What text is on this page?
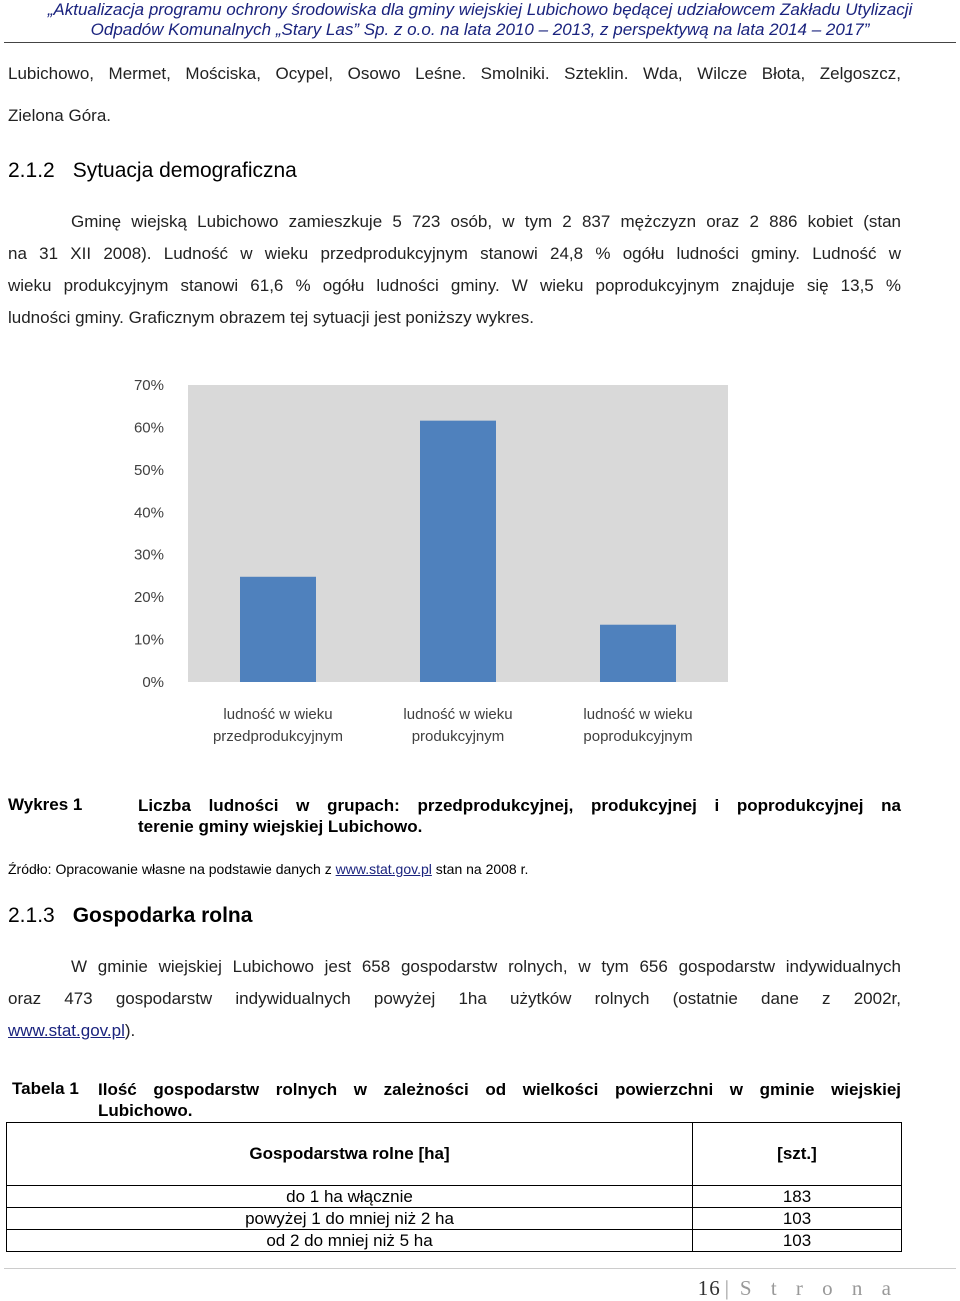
„Aktualizacja programu ochrony środowiska dla gminy wiejskiej Lubichowo będącej udziałowcem Zakładu Utylizacji
Odpadów Komunalnych „Stary Las” Sp. z o.o. na lata 2010 – 2013, z perspektywą na lata 2014 – 2017”
Lubichowo, Mermet, Mościska, Ocypel, Osowo Leśne. Smolniki. Szteklin. Wda, Wilcze Błota, Zelgoszcz,
Zielona Góra.
2.1.2 Sytuacja demograficzna
Gminę wiejską Lubichowo zamieszkuje 5 723 osób, w tym 2 837 mężczyzn oraz 2 886 kobiet (stan
na 31 XII 2008). Ludność w wieku przedprodukcyjnym stanowi 24,8 % ogółu ludności gminy. Ludność w
wieku produkcyjnym stanowi 61,6 % ogółu ludności gminy. W wieku poprodukcyjnym znajduje się 13,5 %
ludności gminy. Graficznym obrazem tej sytuacji jest poniższy wykres.
0%
10%
20%
30%
40%
50%
60%
70%
ludność w wieku
przedprodukcyjnym
ludność w wieku
produkcyjnym
ludność w wieku
poprodukcyjnym
Wykres 1	Liczba ludności w grupach: przedprodukcyjnej, produkcyjnej i poprodukcyjnej na
terenie gminy wiejskiej Lubichowo.
Źródło: Opracowanie własne na podstawie danych z www.stat.gov.pl stan na 2008 r.
2.1.3 Gospodarka rolna
W gminie wiejskiej Lubichowo jest 658 gospodarstw rolnych, w tym 656 gospodarstw indywidualnych
oraz 473 gospodarstw indywidualnych powyżej 1ha użytków rolnych (ostatnie dane z 2002r,
www.stat.gov.pl).
Tabela 1 Ilość gospodarstw rolnych w zależności od wielkości powierzchni w gminie wiejskiej
Lubichowo.
Gospodarstwa rolne [ha]	[szt.]
do 1 ha włącznie	183
powyżej 1 do mniej niż 2 ha	103
od 2 do mniej niż 5 ha	103
16 | S t r o n a
